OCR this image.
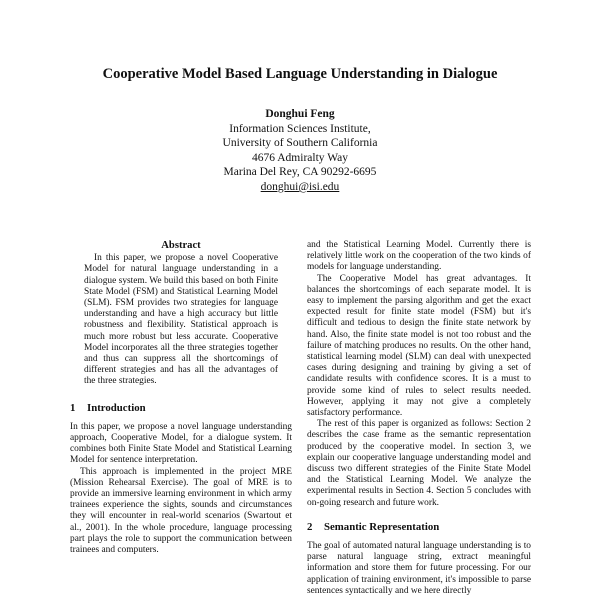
Cooperative Model Based Language Understanding in Dialogue
Donghui Feng
Information Sciences Institute,
University of Southern California
4676 Admiralty Way
Marina Del Rey, CA 90292-6695
donghui@isi.edu
Abstract

In this paper, we propose a novel Cooperative Model for natural language understanding in a dialogue system. We build this based on both Finite State Model (FSM) and Statistical Learning Model (SLM). FSM provides two strategies for language understanding and have a high accuracy but little robustness and flexibility. Statistical approach is much more robust but less accurate. Cooperative Model incorporates all the three strategies together and thus can suppress all the shortcomings of different strategies and has all the advantages of the three strategies.

1 Introduction

In this paper, we propose a novel language understanding approach, Cooperative Model, for a dialogue system. It combines both Finite State Model and Statistical Learning Model for sentence interpretation.

This approach is implemented in the project MRE (Mission Rehearsal Exercise). The goal of MRE is to provide an immersive learning environment in which army trainees experience the sights, sounds and circumstances they will encounter in real-world scenarios (Swartout et al., 2001). In the whole procedure, language processing part plays the role to support the communication between trainees and computers.

and the Statistical Learning Model. Currently there is relatively little work on the cooperation of the two kinds of models for language understanding.

The Cooperative Model has great advantages. It balances the shortcomings of each separate model. It is easy to implement the parsing algorithm and get the exact expected result for finite state model (FSM) but it's difficult and tedious to design the finite state network by hand. Also, the finite state model is not too robust and the failure of matching produces no results. On the other hand, statistical learning model (SLM) can deal with unexpected cases during designing and training by giving a set of candidate results with confidence scores. It is a must to provide some kind of rules to select results needed. However, applying it may not give a completely satisfactory performance.

The rest of this paper is organized as follows: Section 2 describes the case frame as the semantic representation produced by the cooperative model. In section 3, we explain our cooperative language understanding model and discuss two different strategies of the Finite State Model and the Statistical Learning Model. We analyze the experimental results in Section 4. Section 5 concludes with on-going research and future work.

2 Semantic Representation

The goal of automated natural language understanding is to parse natural language string, extract meaningful information and store them for future processing. For our application of training environment, it's impossible to parse sentences syntactically and we here directly
